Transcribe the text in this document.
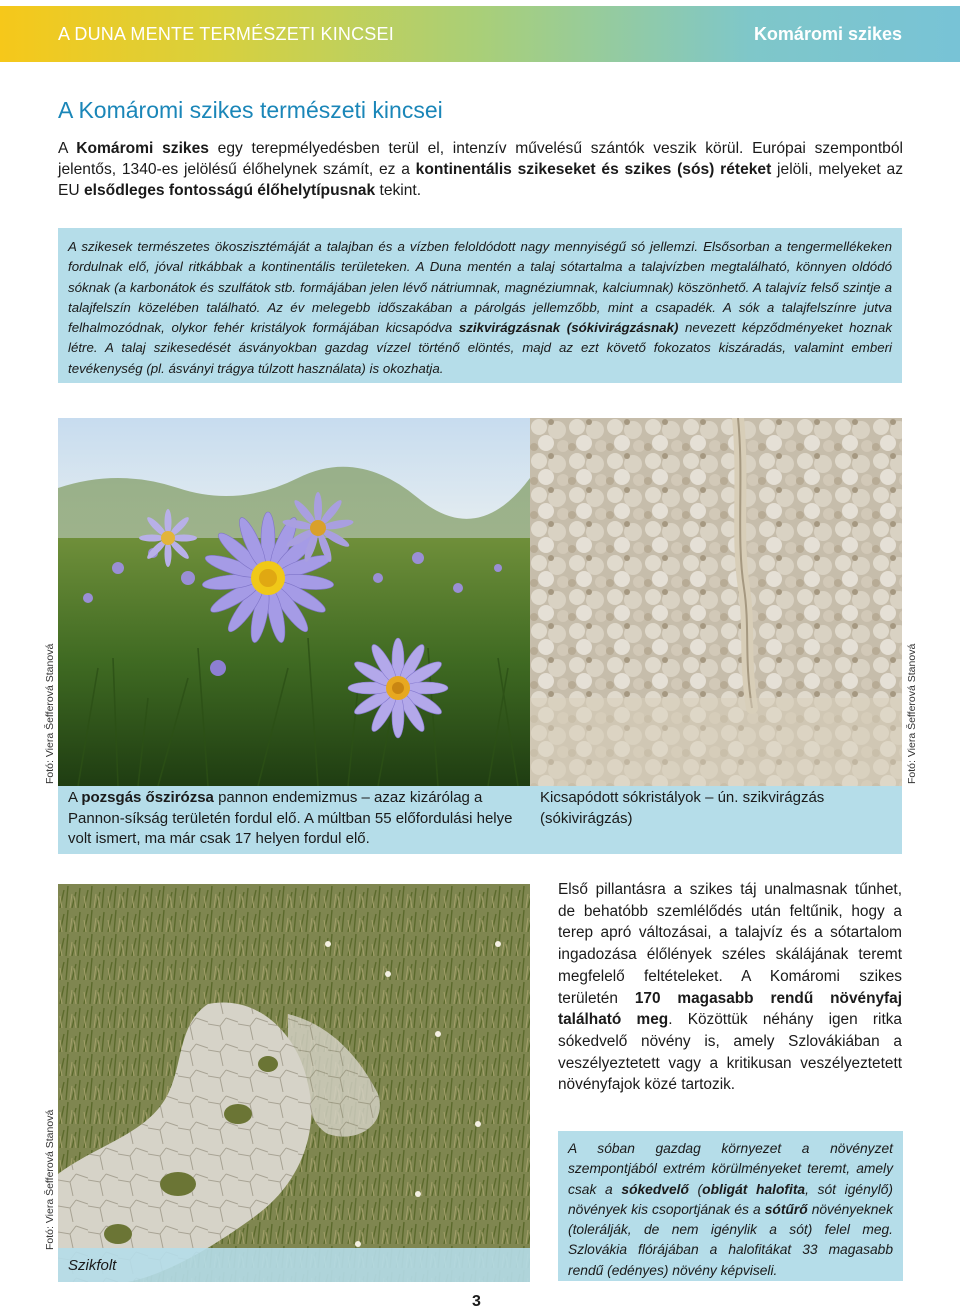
A DUNA MENTE TERMÉSZETI KINCSEI	Komáromi szikes
A Komáromi szikes természeti kincsei

A Komáromi szikes egy terepmélyedésben terül el, intenzív művelésű szántók veszik körül. Európai szempontból jelentős, 1340-es jelölésű élőhelynek számít, ez a kontinentális szikeseket és szikes (sós) réteket jelöli, melyeket az EU elsődleges fontosságú élőhelytípusnak tekint.

A szikesek természetes ökoszisztémáját a talajban és a vízben feloldódott nagy mennyiségű só jellemzi. Elsősorban a tengermellékeken fordulnak elő, jóval ritkábbak a kontinentális területeken. A Duna mentén a talaj sótartalma a talajvízben megtalálható, könnyen oldódó sóknak (a karbonátok és szulfátok stb. formájában jelen lévő nátriumnak, magnéziumnak, kalciumnak) köszönhető. A talajvíz felső szintje a talajfelszín közelében található. Az év melegebb időszakában a párolgás jellemzőbb, mint a csapadék. A sók a talajfelszínre jutva felhalmozódnak, olykor fehér kristályok formájában kicsapódva szikvirágzásnak (sókivirágzásnak) nevezett képződményeket hoznak létre. A talaj szikesedését ásványokban gazdag vízzel történő elöntés, majd az ezt követő fokozatos kiszáradás, valamint emberi tevékenység (pl. ásványi trágya túlzott használata) is okozhatja.
A pozsgás őszirózsa pannon endemizmus – azaz kizárólag a Pannon-síkság területén fordul elő. A múltban 55 előfordulási helye volt ismert, ma már csak 17 helyen fordul elő.
Kicsapódott sókristályok – ún. szikvirágzás (sókivirágzás)
Szikfolt
Fotó: Viera Šefferová Stanová	Fotó: Viera Šefferová Stanová
Fotó: Viera Šefferová Stanová

Első pillantásra a szikes táj unalmasnak tűnhet, de behatóbb szemlélődés után feltűnik, hogy a terep apró változásai, a talajvíz és a sótartalom ingadozása élőlények széles skálájának teremt megfelelő feltételeket. A Komáromi szikes területén 170 magasabb rendű növényfaj található meg. Közöttük néhány igen ritka sókedvelő növény is, amely Szlovákiában a veszélyeztetett vagy a kritikusan veszélyeztetett növényfajok közé tartozik.

A sóban gazdag környezet a növényzet szempontjából extrém körülményeket teremt, amely csak a sókedvelő (obligát halofita, sót igénylő) növények kis csoportjának és a sótűrő növényeknek (tolerálják, de nem igénylik a sót) felel meg. Szlovákia flórájában a halofitákat 33 magasabb rendű (edényes) növény képviseli.
3
